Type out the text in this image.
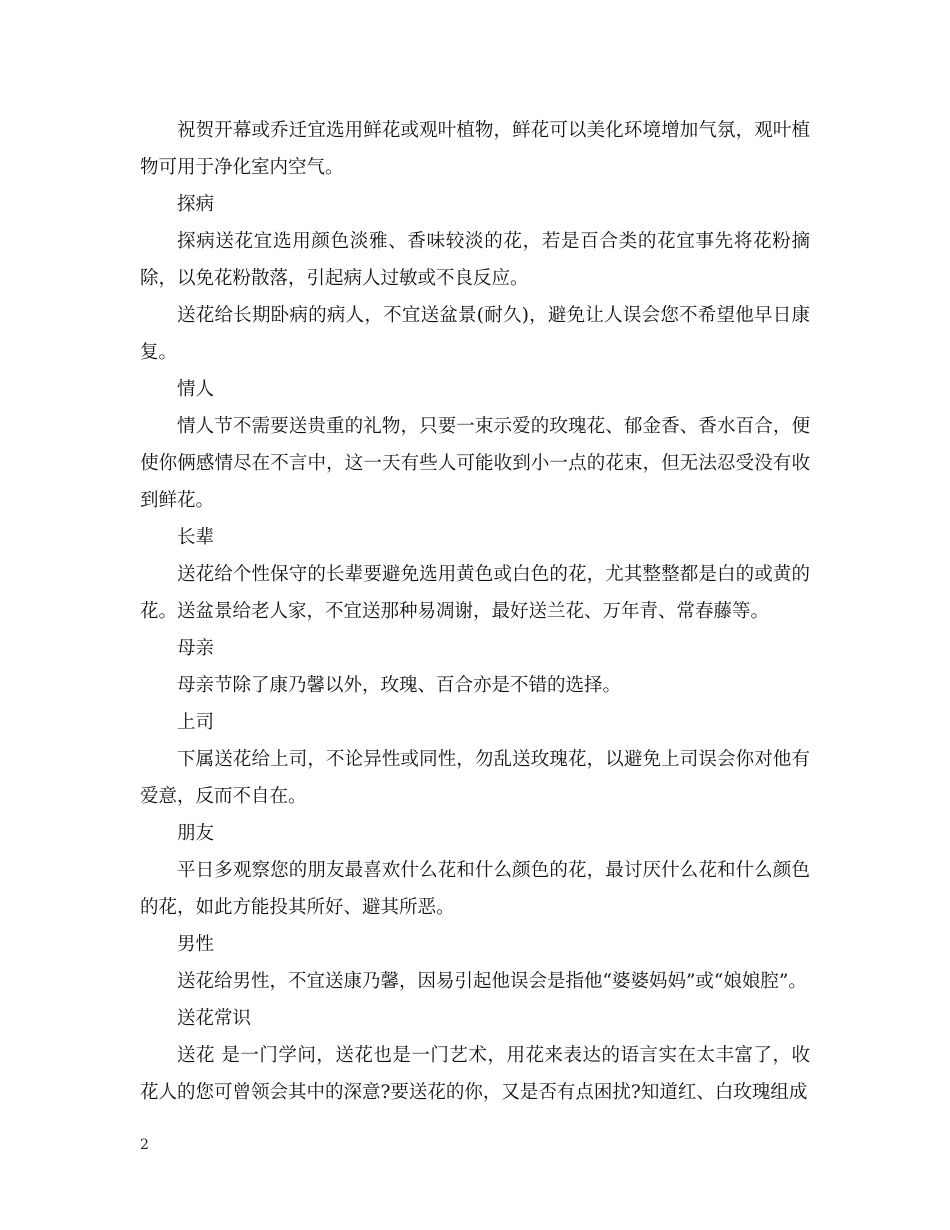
祝贺开幕或乔迁宜选用鲜花或观叶植物，鲜花可以美化环境增加气氛，观叶植物可用于净化室内空气。

探病

探病送花宜选用颜色淡雅、香味较淡的花，若是百合类的花宜事先将花粉摘除，以免花粉散落，引起病人过敏或不良反应。

送花给长期卧病的病人，不宜送盆景(耐久)，避免让人误会您不希望他早日康复。

情人

情人节不需要送贵重的礼物，只要一束示爱的玫瑰花、郁金香、香水百合，便使你俩感情尽在不言中，这一天有些人可能收到小一点的花束，但无法忍受没有收到鲜花。

长辈

送花给个性保守的长辈要避免选用黄色或白色的花，尤其整整都是白的或黄的花。送盆景给老人家，不宜送那种易凋谢，最好送兰花、万年青、常春藤等。

母亲

母亲节除了康乃馨以外，玫瑰、百合亦是不错的选择。

上司

下属送花给上司，不论异性或同性，勿乱送玫瑰花，以避免上司误会你对他有爱意，反而不自在。

朋友

平日多观察您的朋友最喜欢什么花和什么颜色的花，最讨厌什么花和什么颜色的花，如此方能投其所好、避其所恶。

男性

送花给男性，不宜送康乃馨，因易引起他误会是指他“婆婆妈妈”或“娘娘腔”。

送花常识

送花 是一门学问，送花也是一门艺术，用花来表达的语言实在太丰富了，收花人的您可曾领会其中的深意?要送花的你，又是否有点困扰?知道红、白玫瑰组成

2
